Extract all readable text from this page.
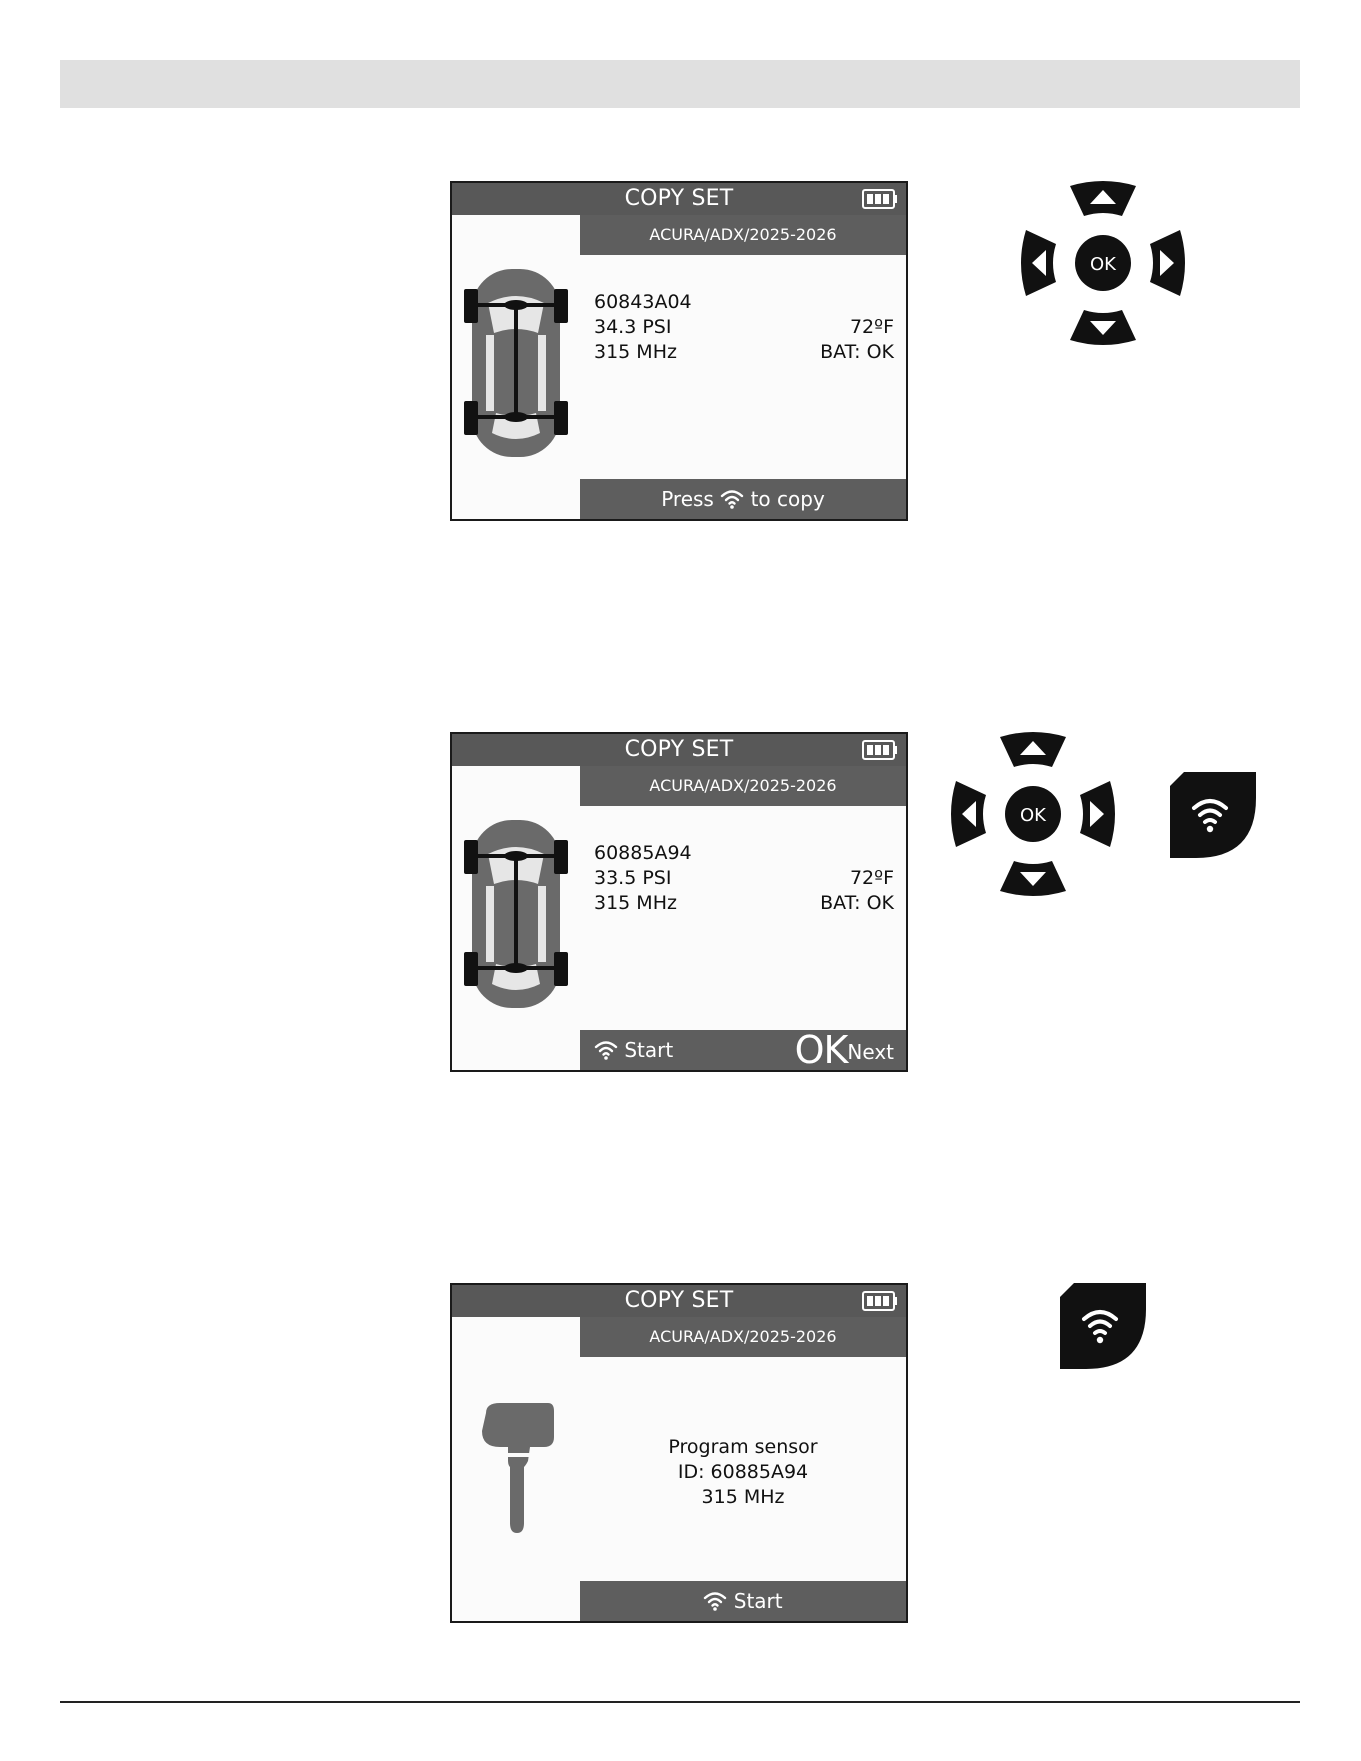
COPY SET
ACURA/ADX/2025-2026
60843A04
34.3 PSI	72ºF
315 MHz	BAT: OK
Press to copy
OK
COPY SET
ACURA/ADX/2025-2026
60885A94
33.5 PSI	72ºF
315 MHz	BAT: OK
Start	OKNext
OK
COPY SET
ACURA/ADX/2025-2026
Program sensor
ID: 60885A94
315 MHz
Start
